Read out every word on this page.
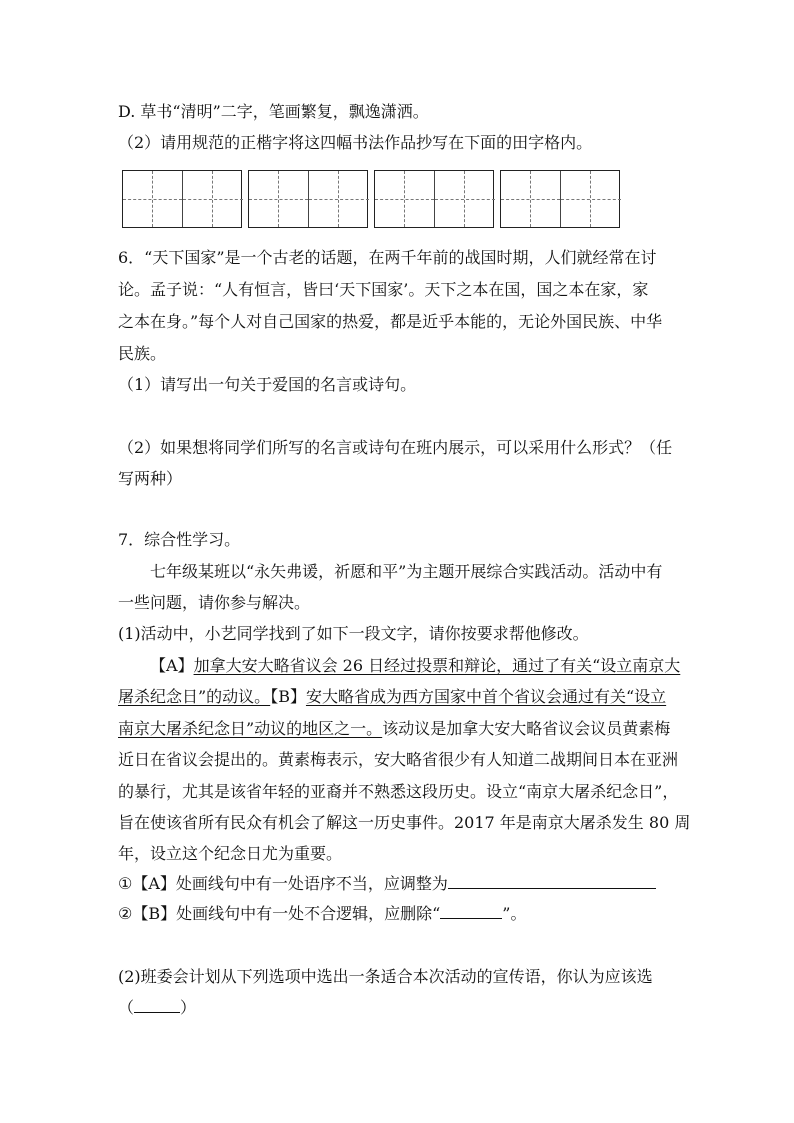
D. 草书“清明”二字，笔画繁复，飘逸潇洒。
（2）请用规范的正楷字将这四幅书法作品抄写在下面的田字格内。
6．“天下国家”是一个古老的话题，在两千年前的战国时期，人们就经常在讨
论。孟子说：“人有恒言，皆曰‘天下国家’。天下之本在国，国之本在家，家
之本在身。”每个人对自己国家的热爱，都是近乎本能的，无论外国民族、中华
民族。
（1）请写出一句关于爱国的名言或诗句。
（2）如果想将同学们所写的名言或诗句在班内展示，可以采用什么形式？（任
写两种）
7．综合性学习。
七年级某班以“永矢弗谖，祈愿和平”为主题开展综合实践活动。活动中有
一些问题，请你参与解决。
(1)活动中，小艺同学找到了如下一段文字，请你按要求帮他修改。
【A】加拿大安大略省议会 26 日经过投票和辩论，通过了有关“设立南京大
屠杀纪念日”的动议。【B】安大略省成为西方国家中首个省议会通过有关“设立
南京大屠杀纪念日”动议的地区之一。该动议是加拿大安大略省议会议员黄素梅
近日在省议会提出的。黄素梅表示，安大略省很少有人知道二战期间日本在亚洲
的暴行，尤其是该省年轻的亚裔并不熟悉这段历史。设立“南京大屠杀纪念日”，
旨在使该省所有民众有机会了解这一历史事件。2017 年是南京大屠杀发生 80 周
年，设立这个纪念日尤为重要。
①【A】处画线句中有一处语序不当，应调整为
②【B】处画线句中有一处不合逻辑，应删除“	”。
(2)班委会计划从下列选项中选出一条适合本次活动的宣传语，你认为应该选
（	）
